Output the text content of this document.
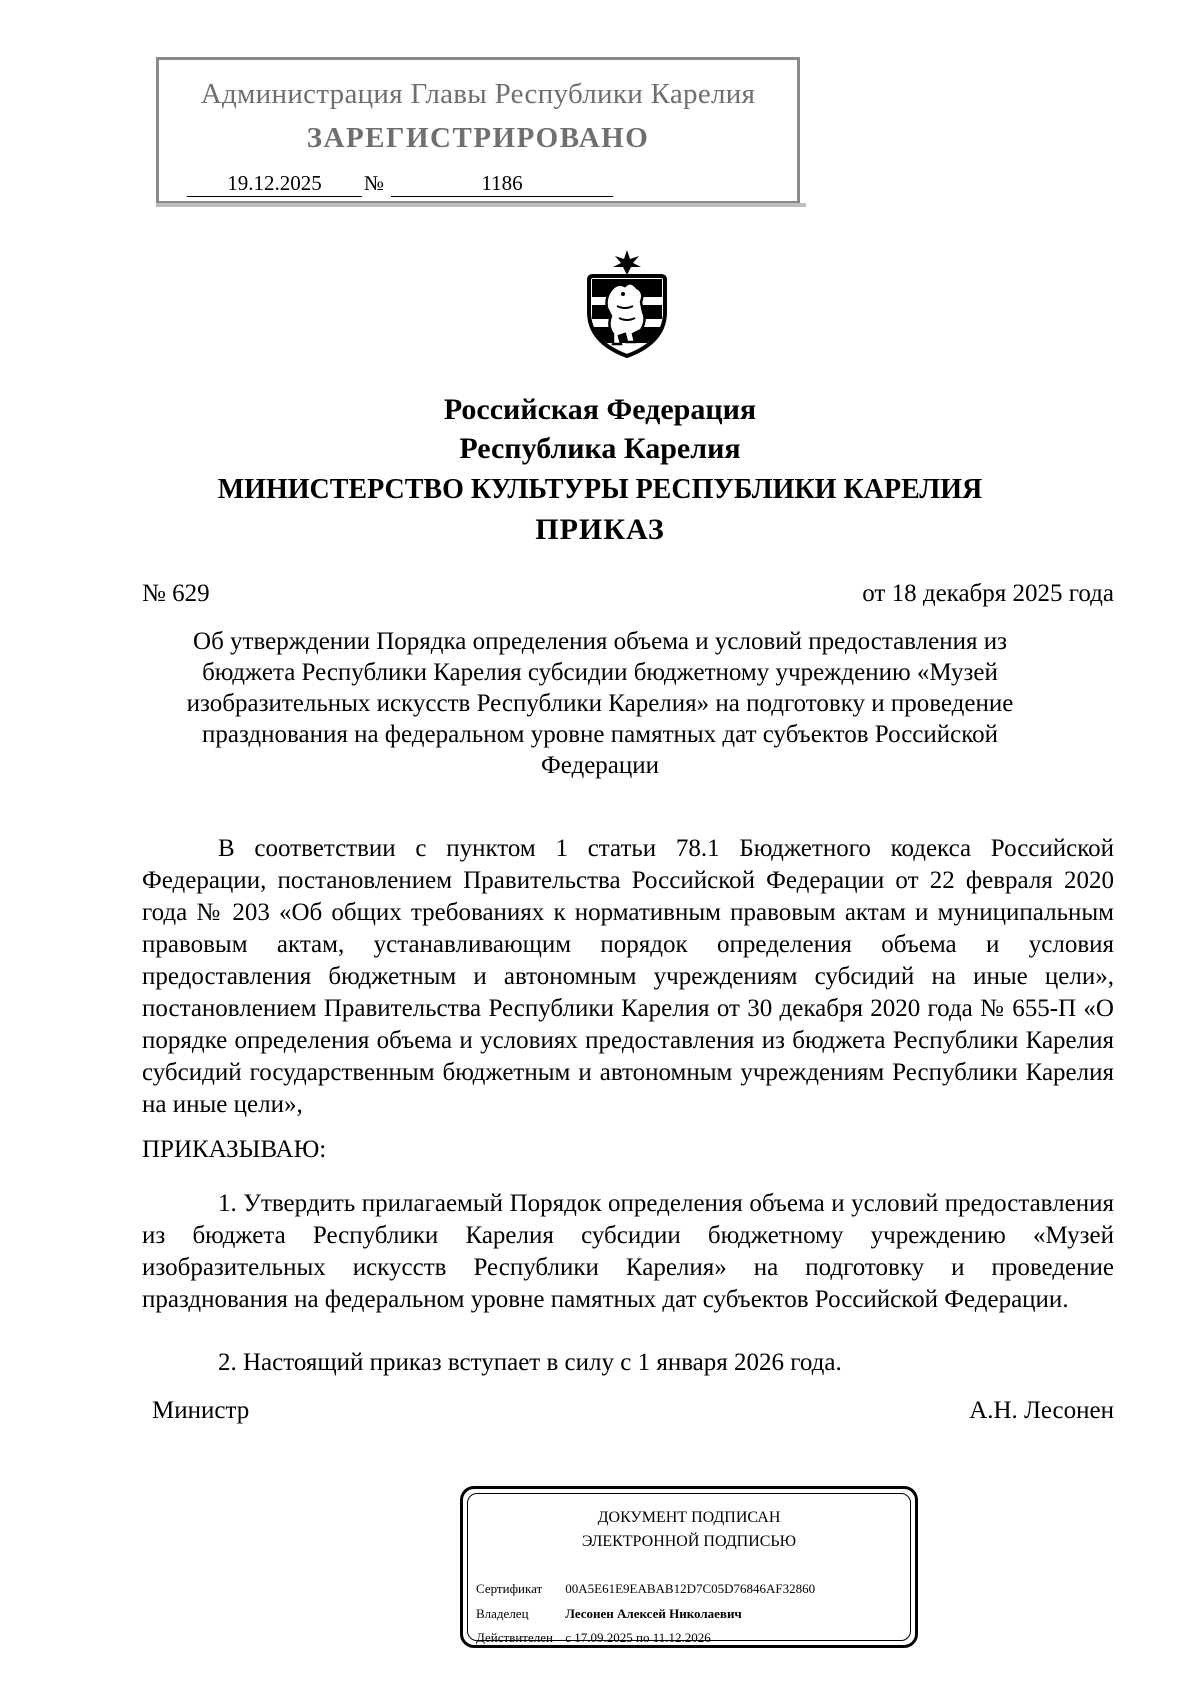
Администрация Главы Республики Карелия
ЗАРЕГИСТРИРОВАНО
19.12.2025	№	1186
Российская Федерация
Республика Карелия
МИНИСТЕРСТВО КУЛЬТУРЫ РЕСПУБЛИКИ КАРЕЛИЯ
ПРИКАЗ
№ 629	от 18 декабря 2025 года
Об утверждении Порядка определения объема и условий предоставления из бюджета Республики Карелия субсидии бюджетному учреждению «Музей изобразительных искусств Республики Карелия» на подготовку и проведение празднования на федеральном уровне памятных дат субъектов Российской Федерации
В соответствии с пунктом 1 статьи 78.1 Бюджетного кодекса Российской Федерации, постановлением Правительства Российской Федерации от 22 февраля 2020 года № 203 «Об общих требованиях к нормативным правовым актам и муниципальным правовым актам, устанавливающим порядок определения объема и условия предоставления бюджетным и автономным учреждениям субсидий на иные цели», постановлением Правительства Республики Карелия от 30 декабря 2020 года № 655-П «О порядке определения объема и условиях предоставления из бюджета Республики Карелия субсидий государственным бюджетным и автономным учреждениям Республики Карелия на иные цели»,
ПРИКАЗЫВАЮ:
1. Утвердить прилагаемый Порядок определения объема и условий предоставления из бюджета Республики Карелия субсидии бюджетному учреждению «Музей изобразительных искусств Республики Карелия» на подготовку и проведение празднования на федеральном уровне памятных дат субъектов Российской Федерации.
2. Настоящий приказ вступает в силу с 1 января 2026 года.
Министр	А.Н. Лесонен
ДОКУМЕНТ ПОДПИСАН
ЭЛЕКТРОННОЙ ПОДПИСЬЮ
Сертификат 00A5E61E9EABAB12D7C05D76846AF32860
Владелец	Лесонен Алексей Николаевич
Действителен с 17.09.2025 по 11.12.2026
